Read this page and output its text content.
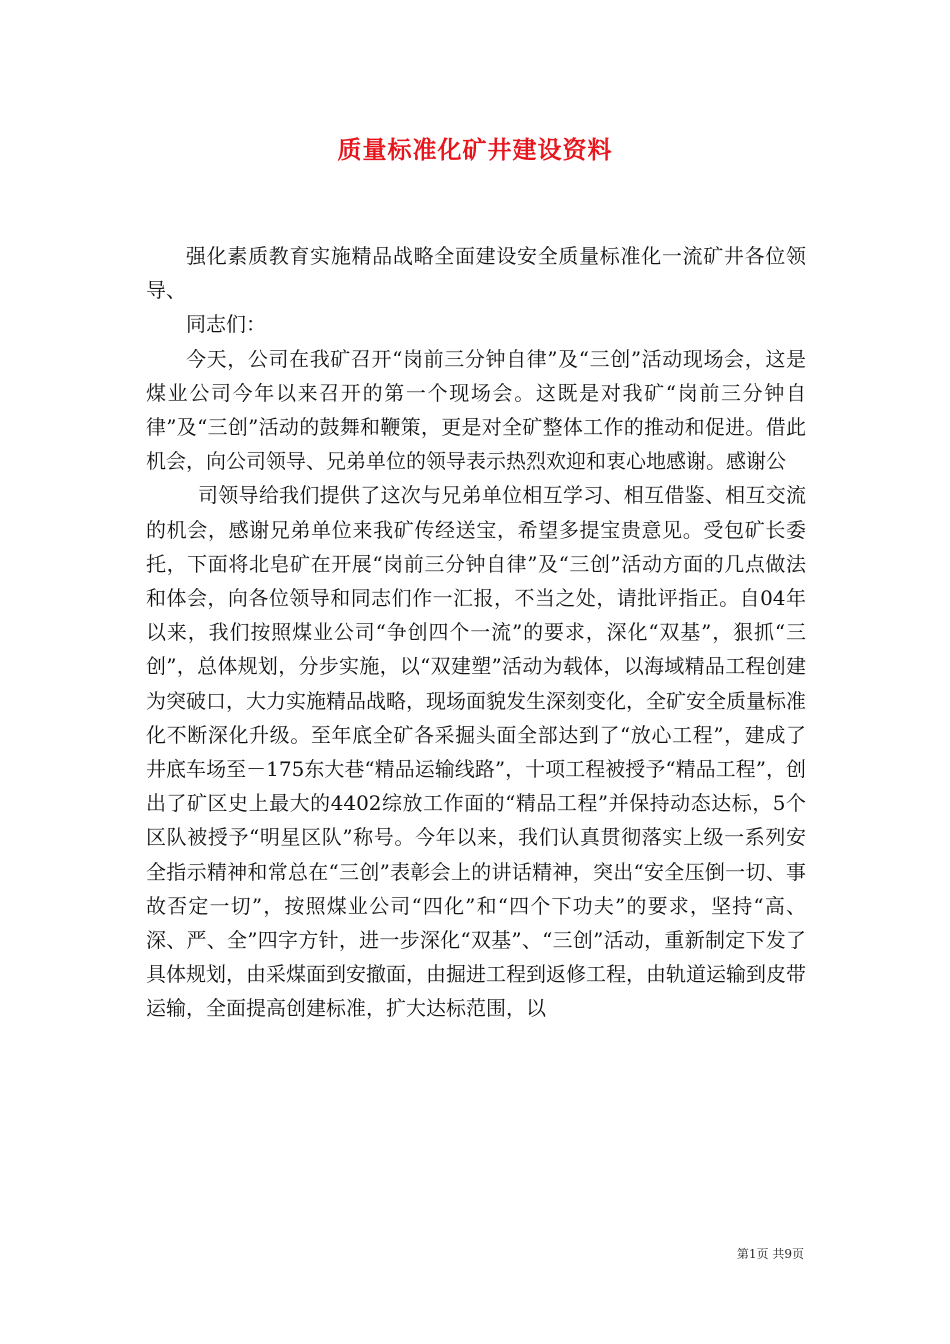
质量标准化矿井建设资料

强化素质教育实施精品战略全面建设安全质量标准化一流矿井各位领导、

同志们：

今天，公司在我矿召开“岗前三分钟自律”及“三创”活动现场会，这是煤业公司今年以来召开的第一个现场会。这既是对我矿“岗前三分钟自律”及“三创”活动的鼓舞和鞭策，更是对全矿整体工作的推动和促进。借此机会，向公司领导、兄弟单位的领导表示热烈欢迎和衷心地感谢。感谢公

司领导给我们提供了这次与兄弟单位相互学习、相互借鉴、相互交流的机会，感谢兄弟单位来我矿传经送宝，希望多提宝贵意见。受包矿长委托，下面将北皂矿在开展“岗前三分钟自律”及“三创”活动方面的几点做法和体会，向各位领导和同志们作一汇报，不当之处，请批评指正。自04年以来，我们按照煤业公司“争创四个一流”的要求，深化“双基”，狠抓“三创”，总体规划，分步实施，以“双建塑”活动为载体，以海域精品工程创建为突破口，大力实施精品战略，现场面貌发生深刻变化，全矿安全质量标准化不断深化升级。至年底全矿各采掘头面全部达到了“放心工程”，建成了井底车场至－175东大巷“精品运输线路”，十项工程被授予“精品工程”，创出了矿区史上最大的4402综放工作面的“精品工程”并保持动态达标，5个区队被授予“明星区队”称号。今年以来，我们认真贯彻落实上级一系列安全指示精神和常总在“三创”表彰会上的讲话精神，突出“安全压倒一切、事故否定一切”，按照煤业公司“四化”和“四个下功夫”的要求，坚持“高、深、严、全”四字方针，进一步深化“双基”、“三创”活动，重新制定下发了具体规划，由采煤面到安撤面，由掘进工程到返修工程，由轨道运输到皮带运输，全面提高创建标准，扩大达标范围，以

第1页 共9页
